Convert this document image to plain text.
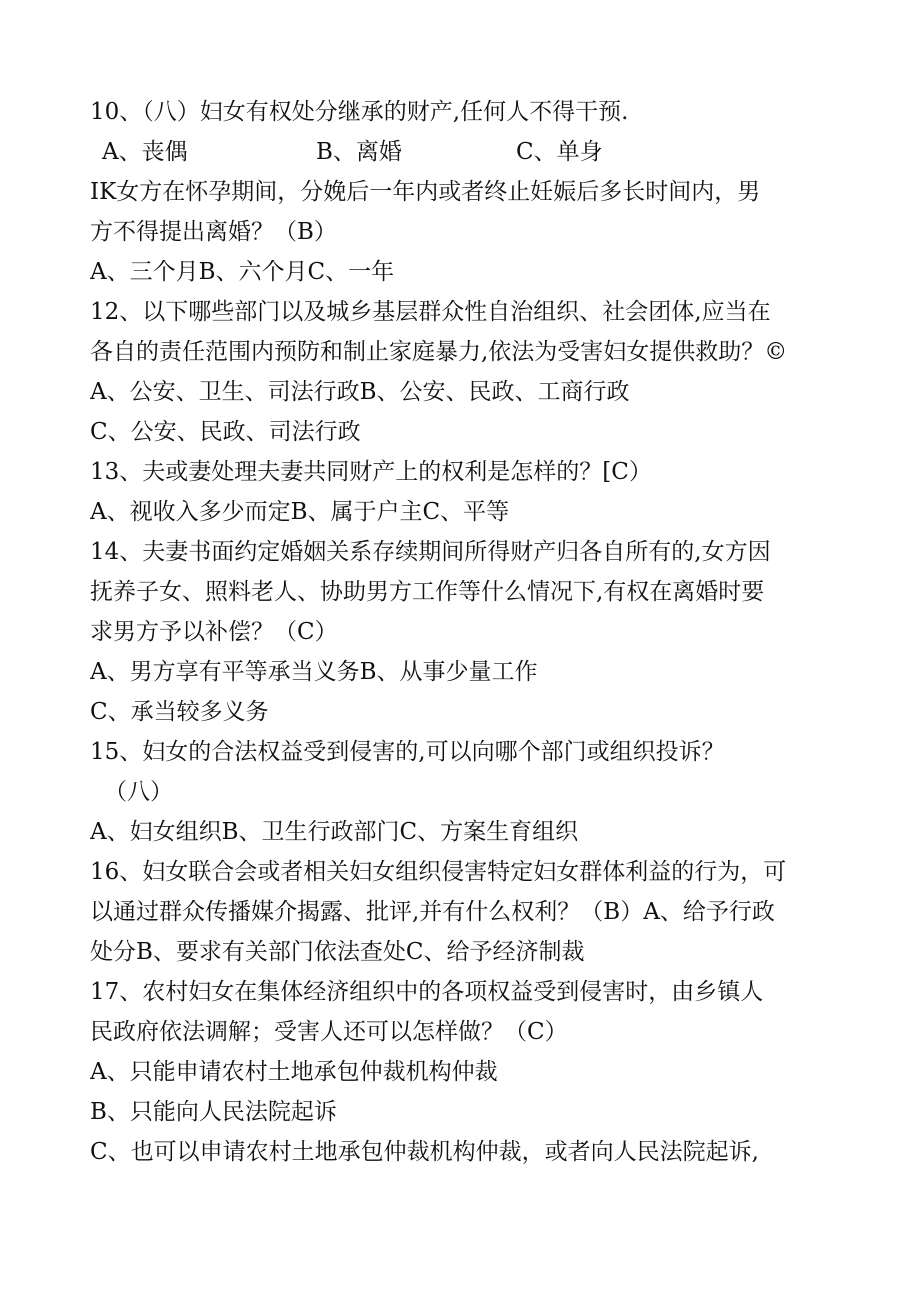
10、（八）妇女有权处分继承的财产,任何人不得干预.
A、丧偶	B、离婚	C、单身
IK女方在怀孕期间，分娩后一年内或者终止妊娠后多长时间内，男
方不得提出离婚？（B）
A、三个月B、六个月C、一年
12、以下哪些部门以及城乡基层群众性自治组织、社会团体,应当在
各自的责任范围内预防和制止家庭暴力,依法为受害妇女提供救助？©
A、公安、卫生、司法行政B、公安、民政、工商行政
C、公安、民政、司法行政
13、夫或妻处理夫妻共同财产上的权利是怎样的？[C）
A、视收入多少而定B、属于户主C、平等
14、夫妻书面约定婚姻关系存续期间所得财产归各自所有的,女方因
抚养子女、照料老人、协助男方工作等什么情况下,有权在离婚时要
求男方予以补偿？（C）
A、男方享有平等承当义务B、从事少量工作
C、承当较多义务
15、妇女的合法权益受到侵害的,可以向哪个部门或组织投诉？
（八）
A、妇女组织B、卫生行政部门C、方案生育组织
16、妇女联合会或者相关妇女组织侵害特定妇女群体利益的行为，可
以通过群众传播媒介揭露、批评,并有什么权利？（B）A、给予行政
处分B、要求有关部门依法查处C、给予经济制裁
17、农村妇女在集体经济组织中的各项权益受到侵害时，由乡镇人
民政府依法调解；受害人还可以怎样做？（C）
A、只能申请农村土地承包仲裁机构仲裁
B、只能向人民法院起诉
C、也可以申请农村土地承包仲裁机构仲裁，或者向人民法院起诉,
